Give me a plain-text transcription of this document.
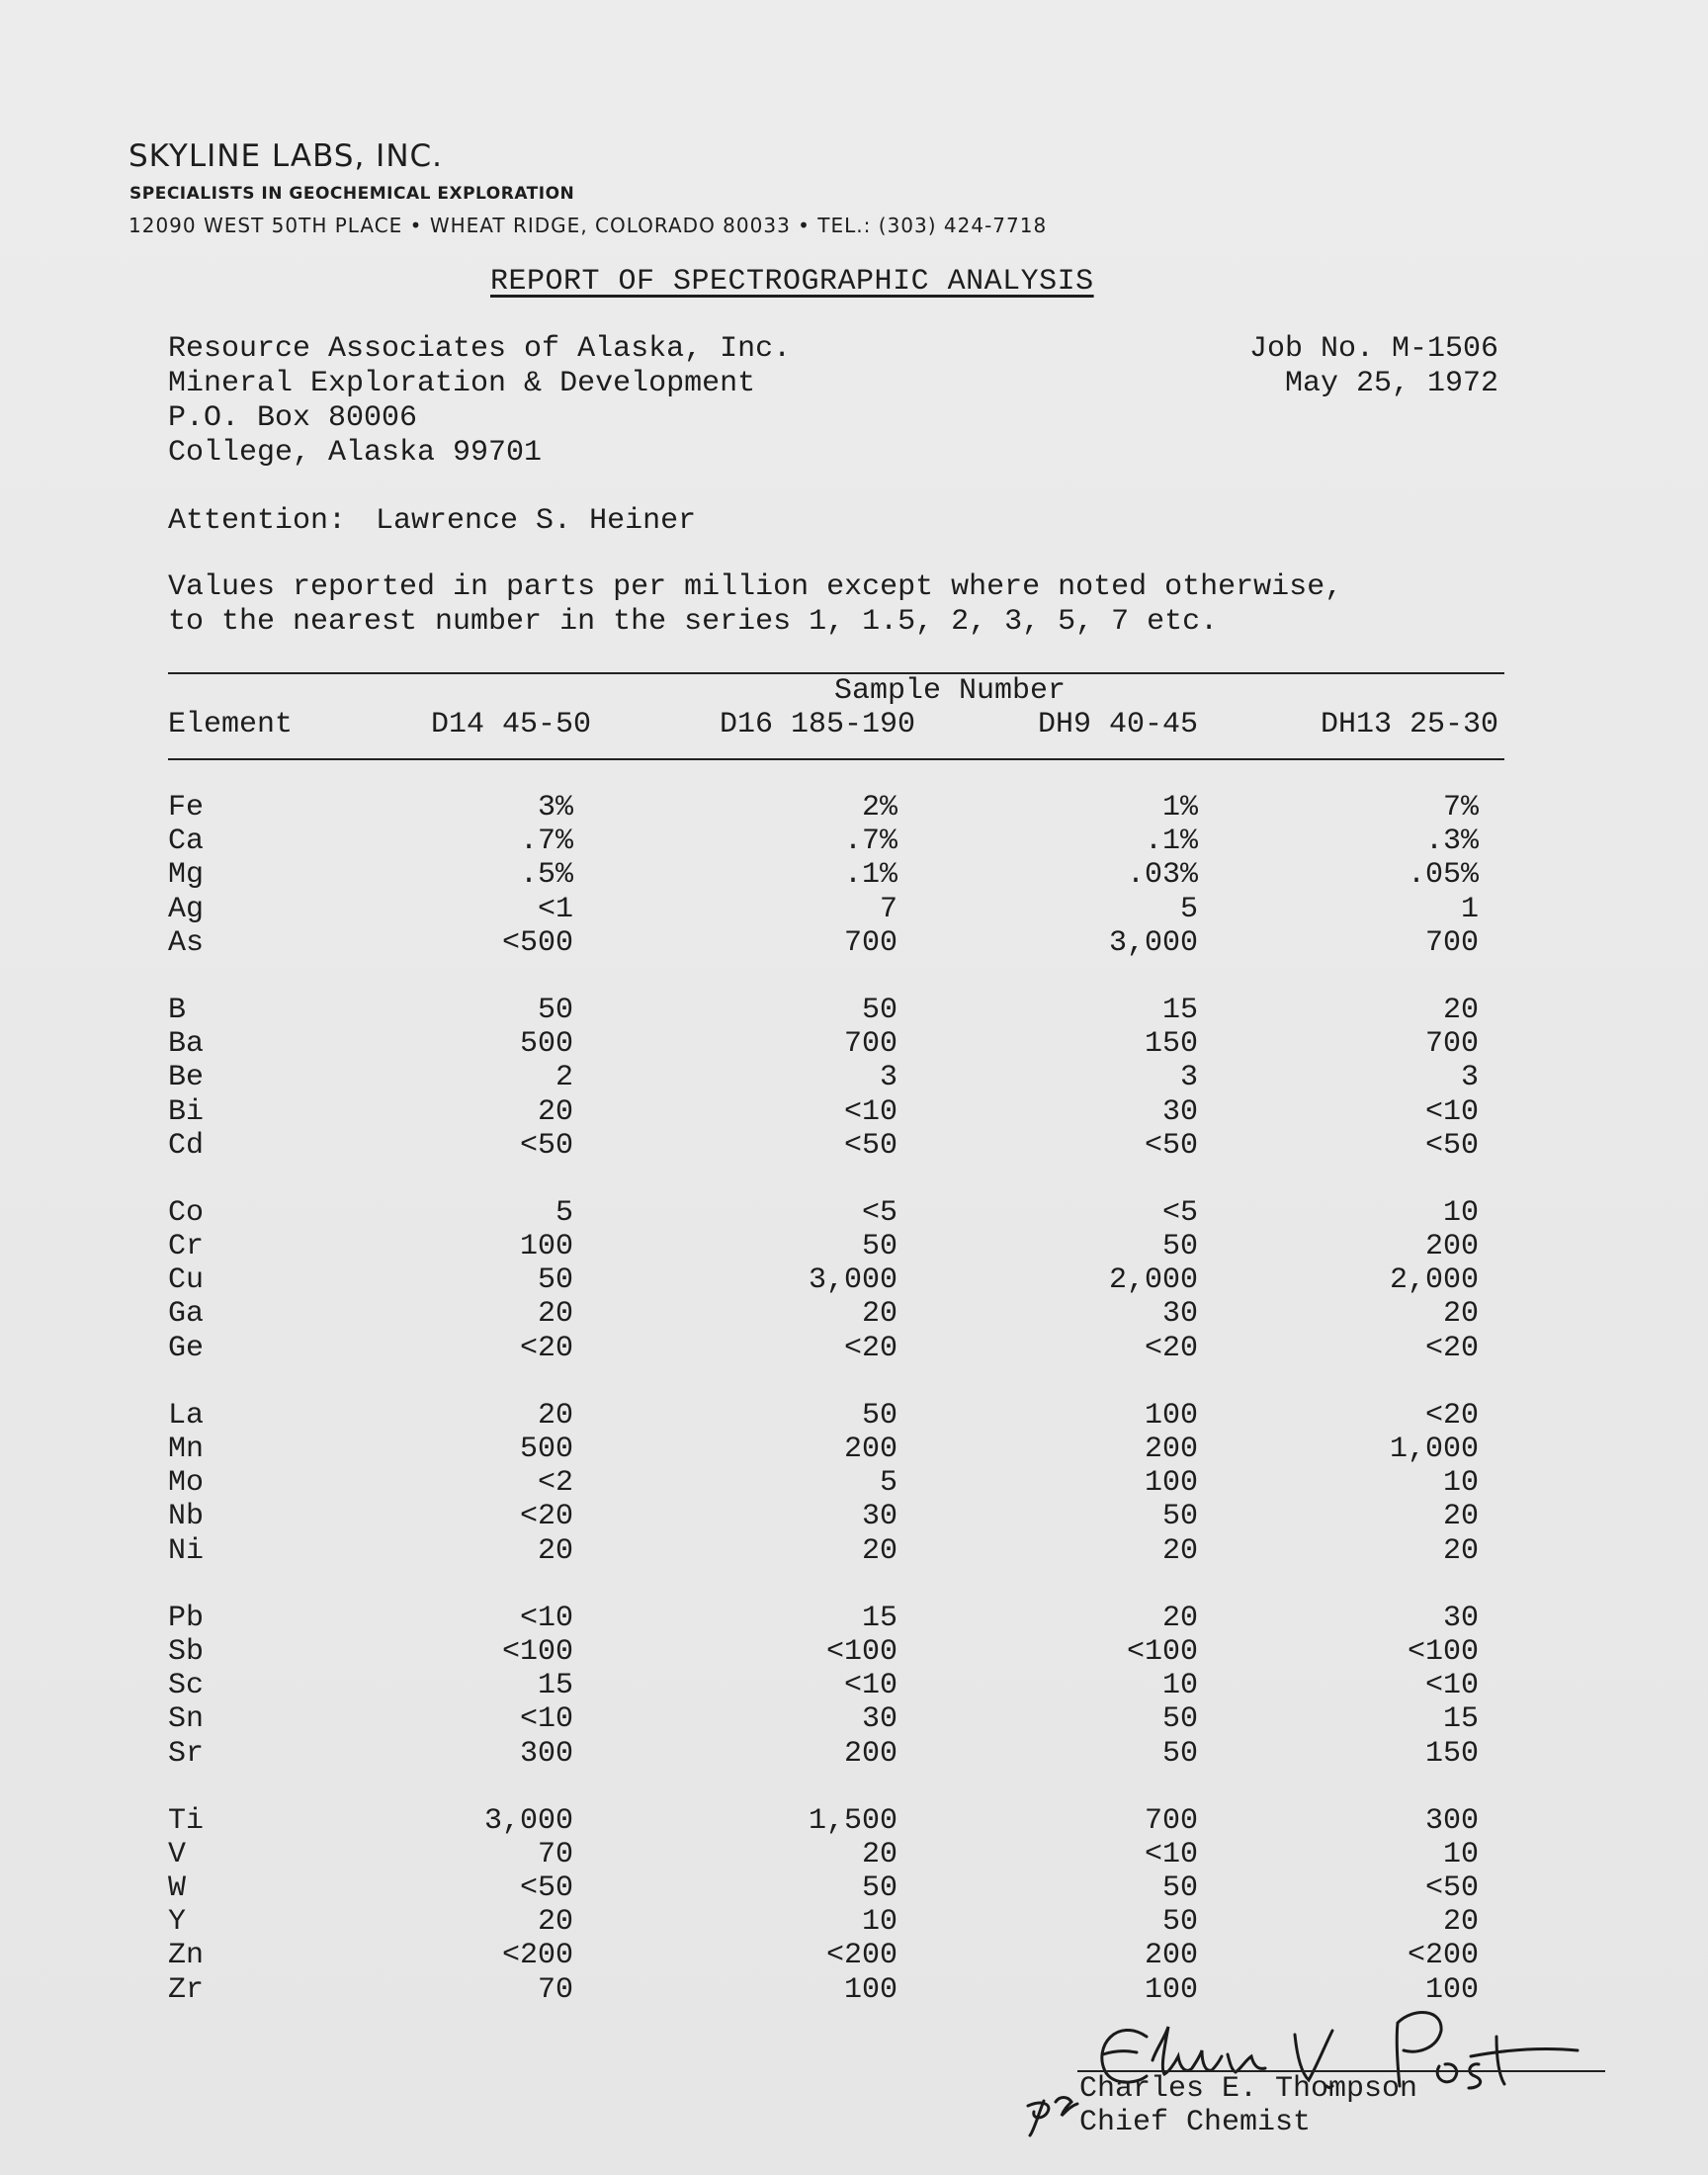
SKYLINE LABS, INC.
SPECIALISTS IN GEOCHEMICAL EXPLORATION
12090 WEST 50TH PLACE • WHEAT RIDGE, COLORADO 80033 • TEL.: (303) 424-7718
REPORT OF SPECTROGRAPHIC ANALYSIS
Resource Associates of Alaska, Inc.
Mineral Exploration & Development
P.O. Box 80006
College, Alaska 99701
Job No. M-1506
May 25, 1972
Attention: Lawrence S. Heiner
Values reported in parts per million except where noted otherwise,
to the nearest number in the series 1, 1.5, 2, 3, 5, 7 etc.
Sample Number
Element	D14 45-50	D16 185-190	DH9 40-45	DH13 25-30
Fe	3%	2%	1%	7%
Ca	.7%	.7%	.1%	.3%
Mg	.5%	.1%	.03%	.05%
Ag	<1	7	5	1
As	<500	700	3,000	700
B	50	50	15	20
Ba	500	700	150	700
Be	2	3	3	3
Bi	20	<10	30	<10
Cd	<50	<50	<50	<50
Co	5	<5	<5	10
Cr	100	50	50	200
Cu	50	3,000	2,000	2,000
Ga	20	20	30	20
Ge	<20	<20	<20	<20
La	20	50	100	<20
Mn	500	200	200	1,000
Mo	<2	5	100	10
Nb	<20	30	50	20
Ni	20	20	20	20
Pb	<10	15	20	30
Sb	<100	<100	<100	<100
Sc	15	<10	10	<10
Sn	<10	30	50	15
Sr	300	200	50	150
Ti	3,000	1,500	700	300
V	70	20	<10	10
W	<50	50	50	<50
Y	20	10	50	20
Zn	<200	<200	200	<200
Zr	70	100	100	100
Charles E. Thompson
Chief Chemist
